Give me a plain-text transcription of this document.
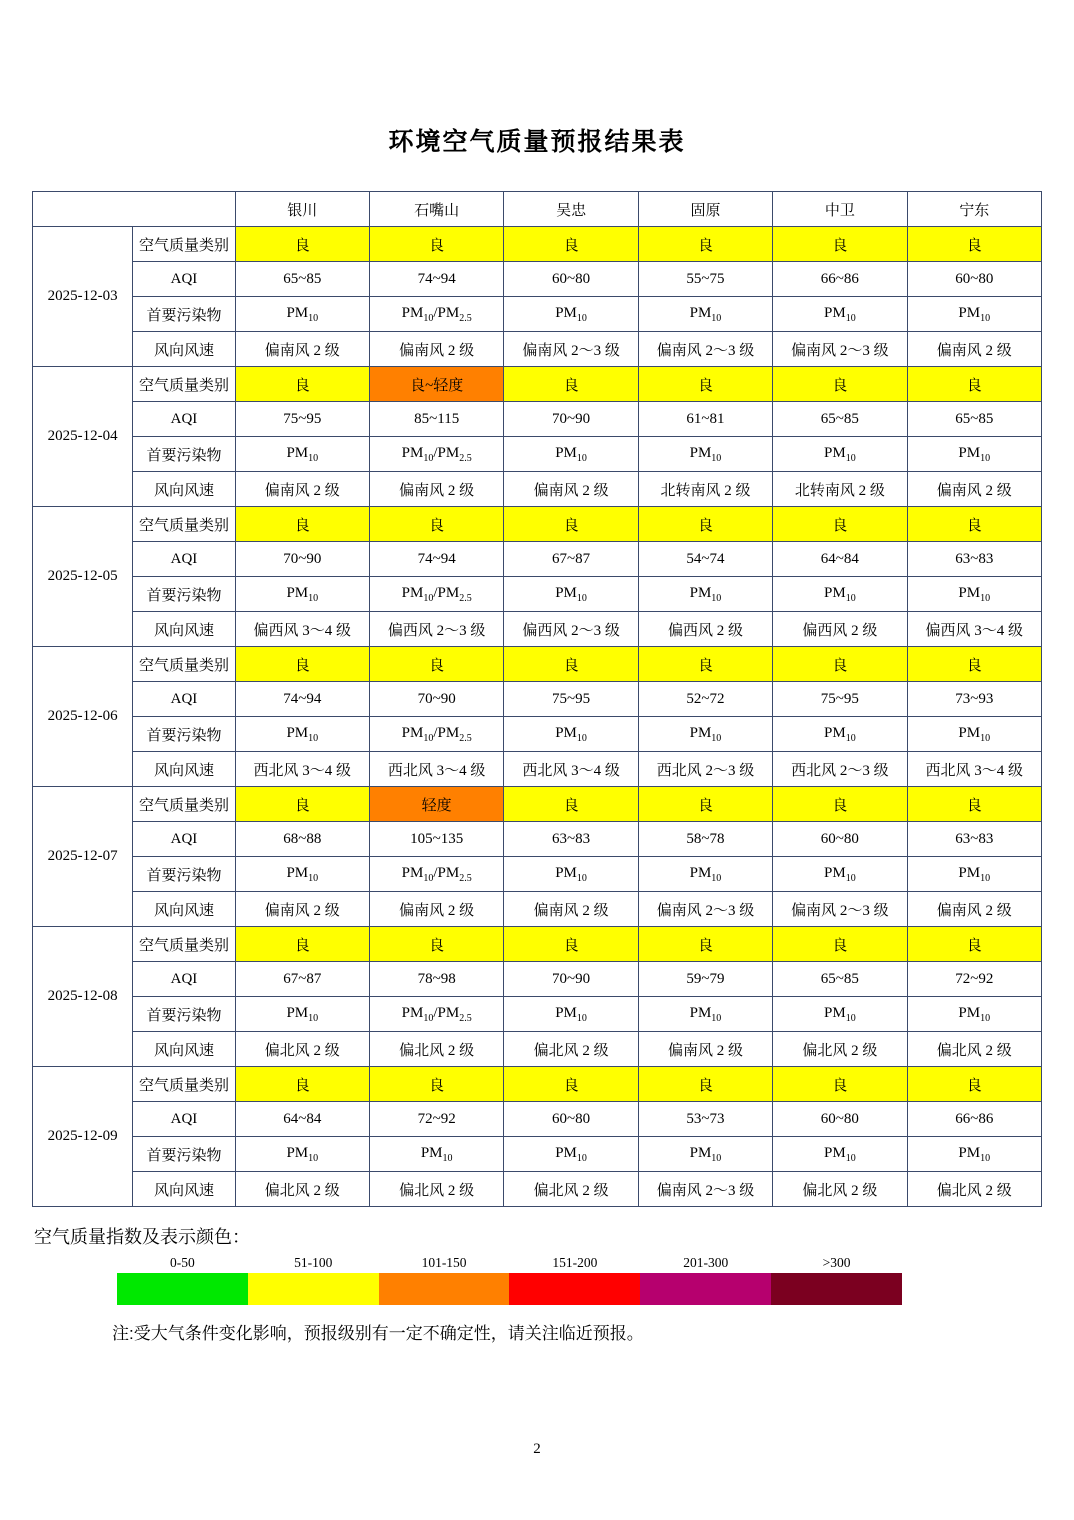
环境空气质量预报结果表
		银川	石嘴山	吴忠	固原	中卫	宁东
2025-12-03	空气质量类别	良	良	良	良	良	良
	AQI	65~85	74~94	60~80	55~75	66~86	60~80
	首要污染物	$PM_{10}$	$PM_{10}/PM_{2.5}$	$PM_{10}$	$PM_{10}$	$PM_{10}$	$PM_{10}$
	风向风速	偏南风 2 级	偏南风 2 级	偏南风 2～3 级	偏南风 2～3 级	偏南风 2～3 级	偏南风 2 级
2025-12-04	空气质量类别	良	良~轻度	良	良	良	良
	AQI	75~95	85~115	70~90	61~81	65~85	65~85
	首要污染物	$PM_{10}$	$PM_{10}/PM_{2.5}$	$PM_{10}$	$PM_{10}$	$PM_{10}$	$PM_{10}$
	风向风速	偏南风 2 级	偏南风 2 级	偏南风 2 级	北转南风 2 级	北转南风 2 级	偏南风 2 级
2025-12-05	空气质量类别	良	良	良	良	良	良
	AQI	70~90	74~94	67~87	54~74	64~84	63~83
	首要污染物	$PM_{10}$	$PM_{10}/PM_{2.5}$	$PM_{10}$	$PM_{10}$	$PM_{10}$	$PM_{10}$
	风向风速	偏西风 3～4 级	偏西风 2～3 级	偏西风 2～3 级	偏西风 2 级	偏西风 2 级	偏西风 3～4 级
2025-12-06	空气质量类别	良	良	良	良	良	良
	AQI	74~94	70~90	75~95	52~72	75~95	73~93
	首要污染物	$PM_{10}$	$PM_{10}/PM_{2.5}$	$PM_{10}$	$PM_{10}$	$PM_{10}$	$PM_{10}$
	风向风速	西北风 3～4 级	西北风 3～4 级	西北风 3～4 级	西北风 2～3 级	西北风 2～3 级	西北风 3～4 级
2025-12-07	空气质量类别	良	轻度	良	良	良	良
	AQI	68~88	105~135	63~83	58~78	60~80	63~83
	首要污染物	$PM_{10}$	$PM_{10}/PM_{2.5}$	$PM_{10}$	$PM_{10}$	$PM_{10}$	$PM_{10}$
	风向风速	偏南风 2 级	偏南风 2 级	偏南风 2 级	偏南风 2～3 级	偏南风 2～3 级	偏南风 2 级
2025-12-08	空气质量类别	良	良	良	良	良	良
	AQI	67~87	78~98	70~90	59~79	65~85	72~92
	首要污染物	$PM_{10}$	$PM_{10}/PM_{2.5}$	$PM_{10}$	$PM_{10}$	$PM_{10}$	$PM_{10}$
	风向风速	偏北风 2 级	偏北风 2 级	偏北风 2 级	偏南风 2 级	偏北风 2 级	偏北风 2 级
2025-12-09	空气质量类别	良	良	良	良	良	良
	AQI	64~84	72~92	60~80	53~73	60~80	66~86
	首要污染物	$PM_{10}$	$PM_{10}$	$PM_{10}$	$PM_{10}$	$PM_{10}$	$PM_{10}$
	风向风速	偏北风 2 级	偏北风 2 级	偏北风 2 级	偏南风 2～3 级	偏北风 2 级	偏北风 2 级
空气质量指数及表示颜色：
0-50	51-100	101-150	151-200	201-300	>300
注:受大气条件变化影响，预报级别有一定不确定性，请关注临近预报。
2
